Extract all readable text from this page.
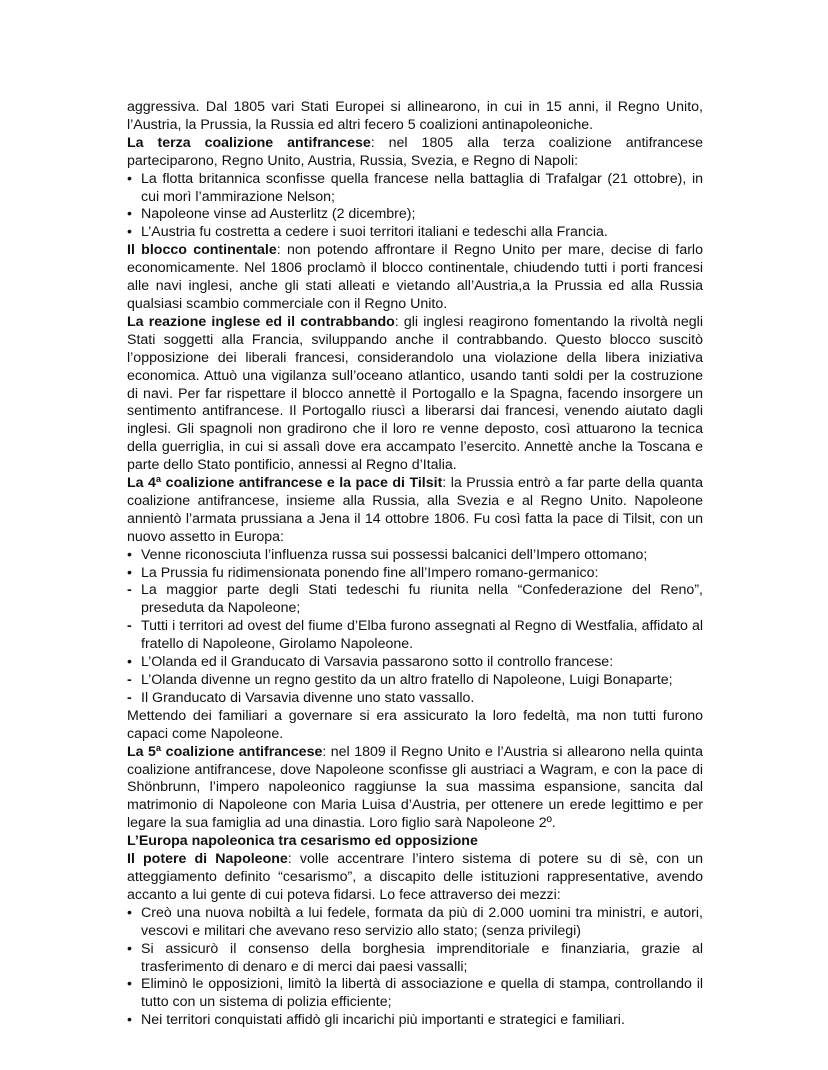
aggressiva. Dal 1805 vari Stati Europei si allinearono, in cui in 15 anni, il Regno Unito, l’Austria, la Prussia, la Russia ed altri fecero 5 coalizioni antinapoleoniche.

La terza coalizione antifrancese: nel 1805 alla terza coalizione antifrancese parteciparono, Regno Unito, Austria, Russia, Svezia, e Regno di Napoli:

• La flotta britannica sconfisse quella francese nella battaglia di Trafalgar (21 ottobre), in cui morì l’ammirazione Nelson;
• Napoleone vinse ad Austerlitz (2 dicembre);
• L’Austria fu costretta a cedere i suoi territori italiani e tedeschi alla Francia.

Il blocco continentale: non potendo affrontare il Regno Unito per mare, decise di farlo economicamente. Nel 1806 proclamò il blocco continentale, chiudendo tutti i porti francesi alle navi inglesi, anche gli stati alleati e vietando all’Austria,a la Prussia ed alla Russia qualsiasi scambio commerciale con il Regno Unito.

La reazione inglese ed il contrabbando: gli inglesi reagirono fomentando la rivoltà negli Stati soggetti alla Francia, sviluppando anche il contrabbando. Questo blocco suscitò l’opposizione dei liberali francesi, considerandolo una violazione della libera iniziativa economica. Attuò una vigilanza sull’oceano atlantico, usando tanti soldi per la costruzione di navi. Per far rispettare il blocco annettè il Portogallo e la Spagna, facendo insorgere un sentimento antifrancese. Il Portogallo riuscì a liberarsi dai francesi, venendo aiutato dagli inglesi. Gli spagnoli non gradirono che il loro re venne deposto, così attuarono la tecnica della guerriglia, in cui si assalì dove era accampato l’esercito. Annettè anche la Toscana e parte dello Stato pontificio, annessi al Regno d’Italia.

La 4ª coalizione antifrancese e la pace di Tilsit: la Prussia entrò a far parte della quanta coalizione antifrancese, insieme alla Russia, alla Svezia e al Regno Unito. Napoleone annientò l’armata prussiana a Jena il 14 ottobre 1806. Fu così fatta la pace di Tilsit, con un nuovo assetto in Europa:

• Venne riconosciuta l’influenza russa sui possessi balcanici dell’Impero ottomano;
• La Prussia fu ridimensionata ponendo fine all’Impero romano-germanico:
- La maggior parte degli Stati tedeschi fu riunita nella “Confederazione del Reno”, preseduta da Napoleone;
- Tutti i territori ad ovest del fiume d’Elba furono assegnati al Regno di Westfalia, affidato al fratello di Napoleone, Girolamo Napoleone.
• L’Olanda ed il Granducato di Varsavia passarono sotto il controllo francese:
- L’Olanda divenne un regno gestito da un altro fratello di Napoleone, Luigi Bonaparte;
- Il Granducato di Varsavia divenne uno stato vassallo.

Mettendo dei familiari a governare si era assicurato la loro fedeltà, ma non tutti furono capaci come Napoleone.

La 5ª coalizione antifrancese: nel 1809 il Regno Unito e l’Austria si allearono nella quinta coalizione antifrancese, dove Napoleone sconfisse gli austriaci a Wagram, e con la pace di Shönbrunn, l’impero napoleonico raggiunse la sua massima espansione, sancita dal matrimonio di Napoleone con Maria Luisa d’Austria, per ottenere un erede legittimo e per legare la sua famiglia ad una dinastia. Loro figlio sarà Napoleone 2º.

L’Europa napoleonica tra cesarismo ed opposizione

Il potere di Napoleone: volle accentrare l’intero sistema di potere su di sè, con un atteggiamento definito “cesarismo”, a discapito delle istituzioni rappresentative, avendo accanto a lui gente di cui poteva fidarsi. Lo fece attraverso dei mezzi:

• Creò una nuova nobiltà a lui fedele, formata da più di 2.000 uomini tra ministri, e autori, vescovi e militari che avevano reso servizio allo stato; (senza privilegi)
• Si assicurò il consenso della borghesia imprenditoriale e finanziaria, grazie al trasferimento di denaro e di merci dai paesi vassalli;
• Eliminò le opposizioni, limitò la libertà di associazione e quella di stampa, controllando il tutto con un sistema di polizia efficiente;
• Nei territori conquistati affidò gli incarichi più importanti e strategici e familiari.
